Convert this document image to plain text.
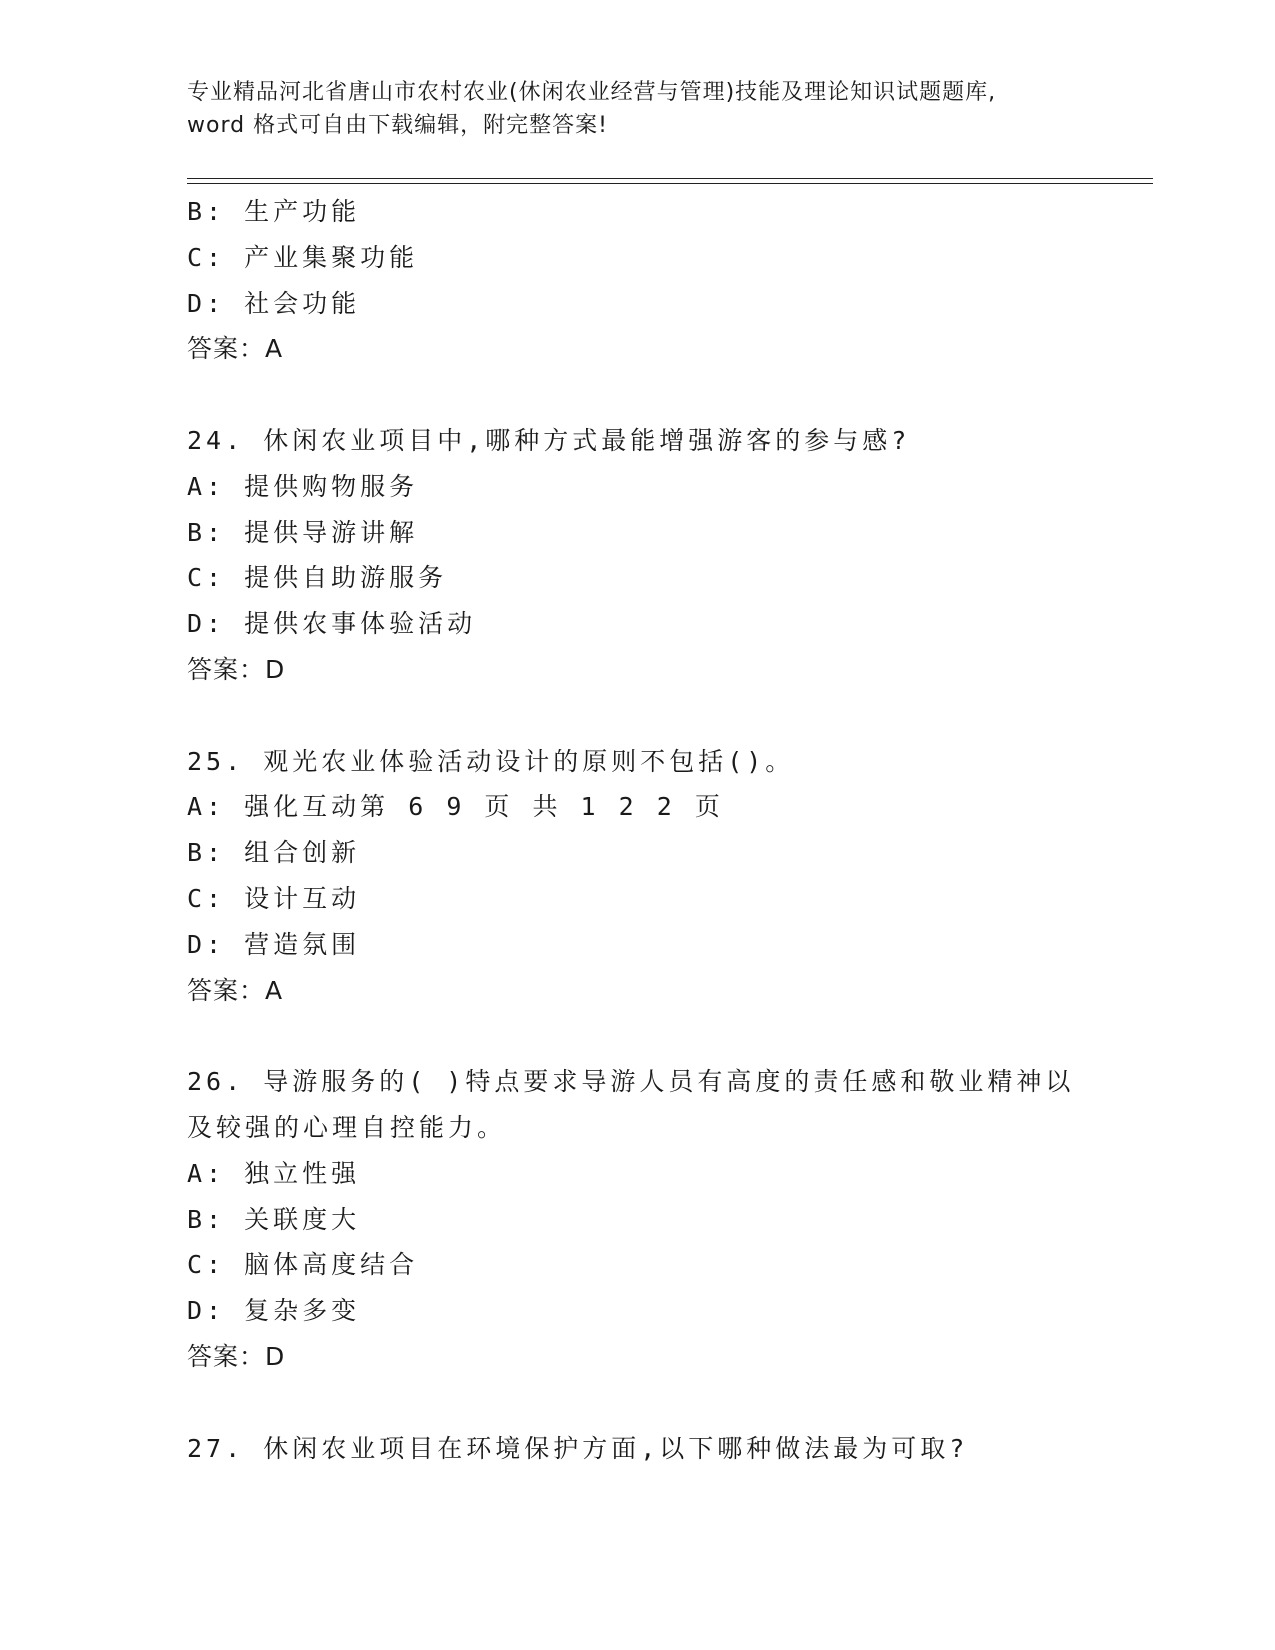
专业精品河北省唐山市农村农业(休闲农业经营与管理)技能及理论知识试题题库,
word 格式可自由下载编辑，附完整答案!
B: 生产功能
C: 产业集聚功能
D: 社会功能
答案：A
24. 休闲农业项目中,哪种方式最能增强游客的参与感?
A: 提供购物服务
B: 提供导游讲解
C: 提供自助游服务
D: 提供农事体验活动
答案：D
25. 观光农业体验活动设计的原则不包括()。
A: 强化互动第 6 9 页 共 1 2 2 页
B: 组合创新
C: 设计互动
D: 营造氛围
答案：A
26. 导游服务的( )特点要求导游人员有高度的责任感和敬业精神以及较强的心理自控能力。
A: 独立性强
B: 关联度大
C: 脑体高度结合
D: 复杂多变
答案：D
27. 休闲农业项目在环境保护方面,以下哪种做法最为可取?
